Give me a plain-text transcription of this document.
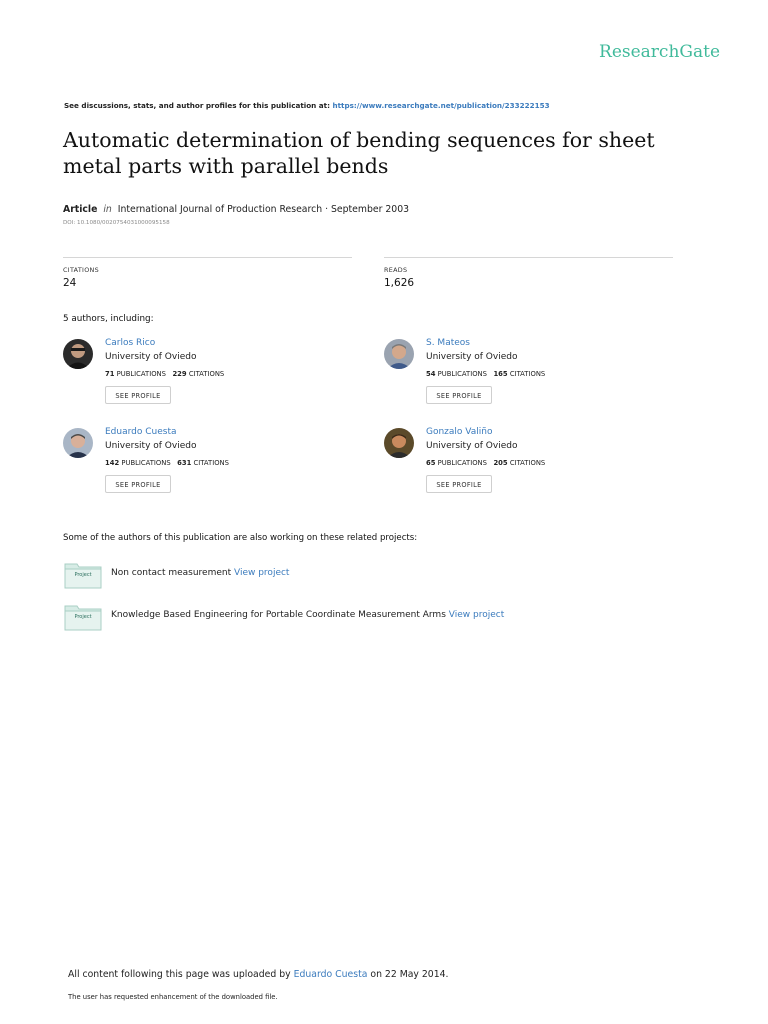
ResearchGate
See discussions, stats, and author profiles for this publication at: https://www.researchgate.net/publication/233222153
Automatic determination of bending sequences for sheet metal parts with parallel bends
Article in International Journal of Production Research · September 2003
DOI: 10.1080/0020754031000095158
CITATIONS
24
READS
1,626
5 authors, including:
Carlos Rico
University of Oviedo
71 PUBLICATIONS 229 CITATIONS
SEE PROFILE
S. Mateos
University of Oviedo
54 PUBLICATIONS 165 CITATIONS
SEE PROFILE
Eduardo Cuesta
University of Oviedo
142 PUBLICATIONS 631 CITATIONS
SEE PROFILE
Gonzalo Valiño
University of Oviedo
65 PUBLICATIONS 205 CITATIONS
SEE PROFILE
Some of the authors of this publication are also working on these related projects:
Project	Non contact measurement View project
Project	Knowledge Based Engineering for Portable Coordinate Measurement Arms View project
All content following this page was uploaded by Eduardo Cuesta on 22 May 2014.
The user has requested enhancement of the downloaded file.
